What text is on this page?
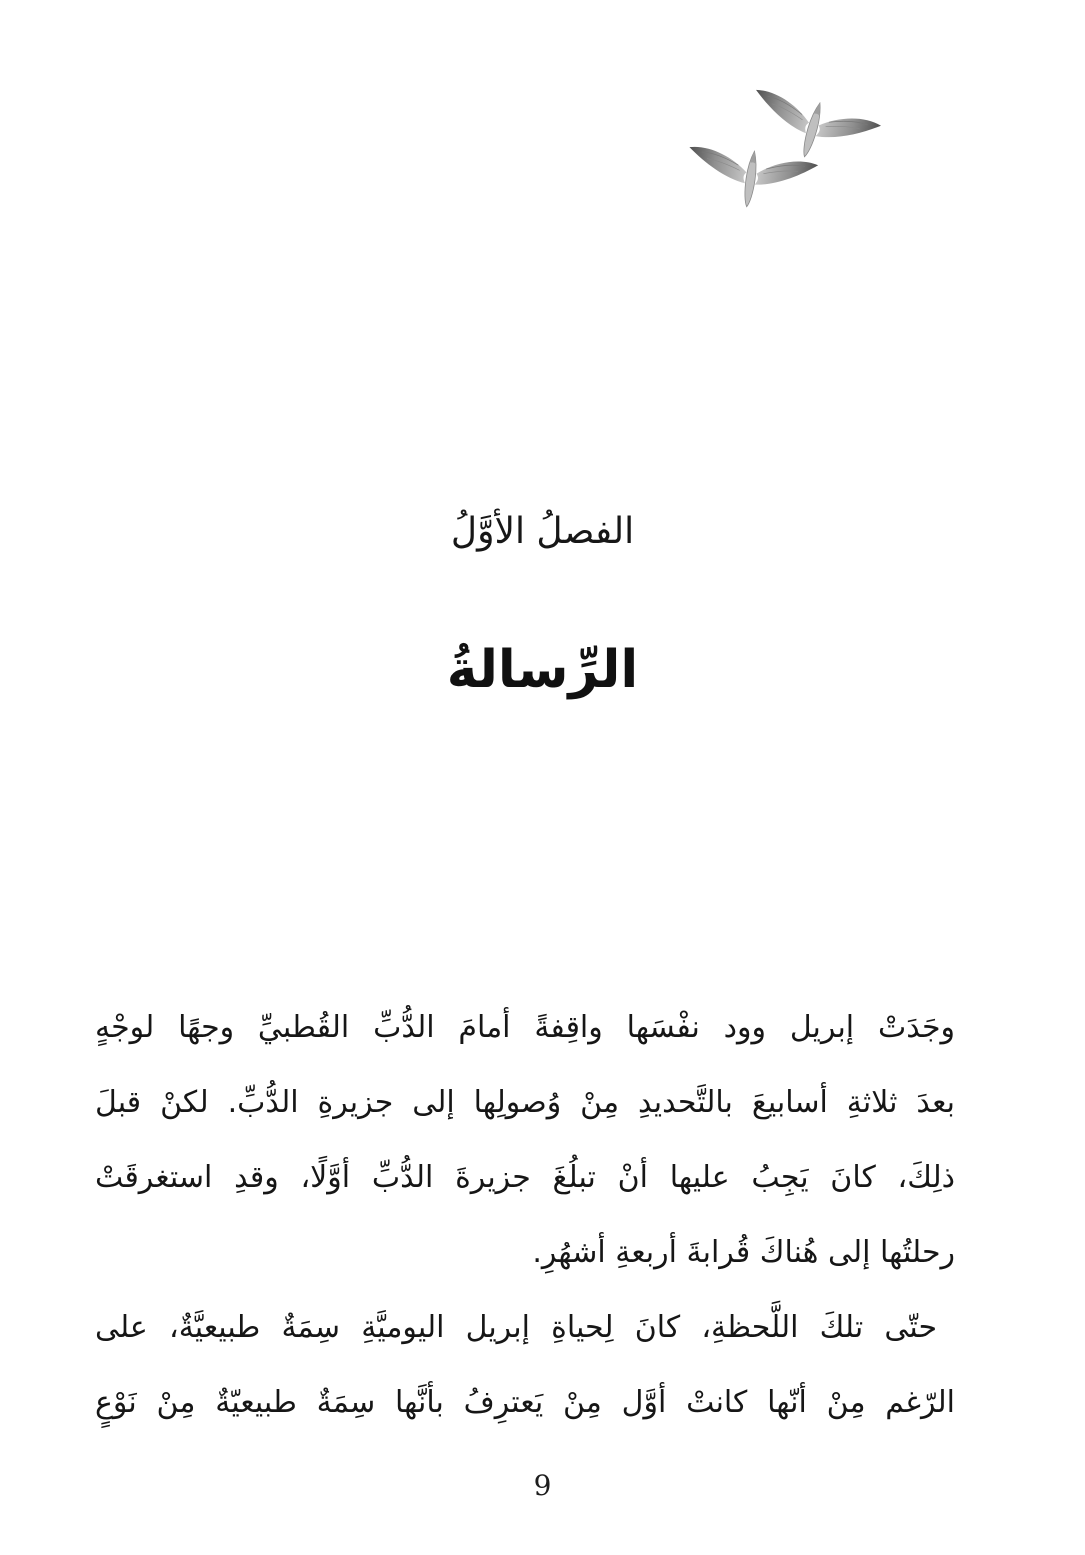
الفصلُ الأوَّلُ
الرِّسالةُ
وجَدَتْ إبريل وود نفْسَها واقِفةً أمامَ الدُّبِّ القُطبيِّ وجهًا لوجْهٍ
بعدَ ثلاثةِ أسابيعَ بالتَّحديدِ مِنْ وُصولِها إلى جزيرةِ الدُّبِّ. لكنْ قبلَ
ذلِكَ، كانَ يَجِبُ عليها أنْ تبلُغَ جزيرةَ الدُّبِّ أوَّلًا، وقدِ استغرقَتْ
رحلتُها إلى هُناكَ قُرابةَ أربعةِ أشهُرِ.
حتّى تلكَ اللَّحظةِ، كانَ لِحياةِ إبريل اليوميَّةِ سِمَةٌ طبيعيَّةٌ، على
الرّغم مِنْ أنّها كانتْ أوَّل مِنْ يَعترِفُ بأنَّها سِمَةٌ طبيعيّةٌ مِنْ نَوْعٍ
9
